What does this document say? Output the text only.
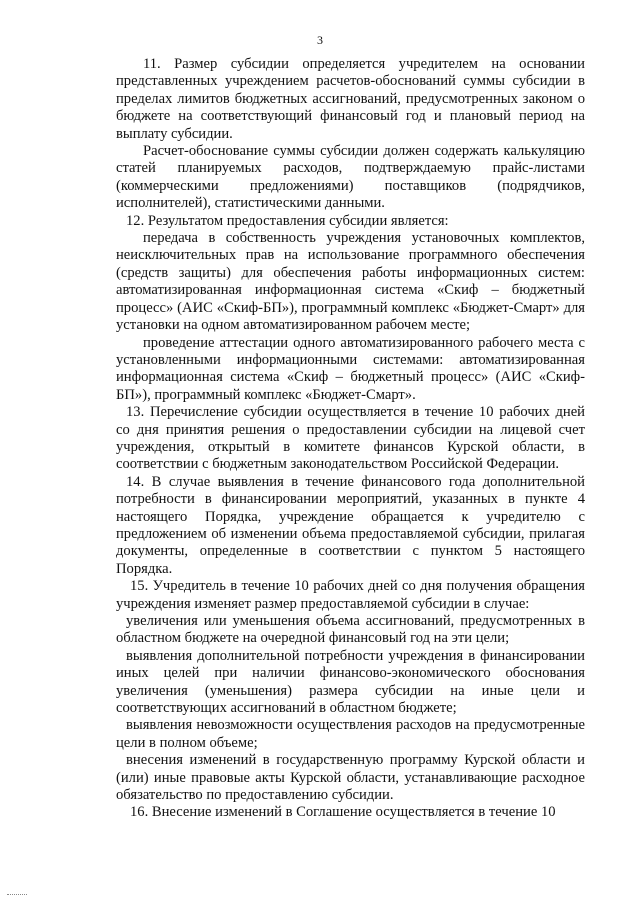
3

11. Размер субсидии определяется учредителем на основании представленных учреждением расчетов-обоснований суммы субсидии в пределах лимитов бюджетных ассигнований, предусмотренных законом о бюджете на соответствующий финансовый год и плановый период на выплату субсидии.

Расчет-обоснование суммы субсидии должен содержать калькуляцию статей планируемых расходов, подтверждаемую прайс-листами (коммерческими предложениями) поставщиков (подрядчиков, исполнителей), статистическими данными.

12. Результатом предоставления субсидии является:

передача в собственность учреждения установочных комплектов, неисключительных прав на использование программного обеспечения (средств защиты) для обеспечения работы информационных систем: автоматизированная информационная система «Скиф – бюджетный процесс» (АИС «Скиф-БП»), программный комплекс «Бюджет-Смарт» для установки на одном автоматизированном рабочем месте;

проведение аттестации одного автоматизированного рабочего места с установленными информационными системами: автоматизированная информационная система «Скиф – бюджетный процесс» (АИС «Скиф-БП»), программный комплекс «Бюджет-Смарт».

13. Перечисление субсидии осуществляется в течение 10 рабочих дней со дня принятия решения о предоставлении субсидии на лицевой счет учреждения, открытый в комитете финансов Курской области, в соответствии с бюджетным законодательством Российской Федерации.

14. В случае выявления в течение финансового года дополнительной потребности в финансировании мероприятий, указанных в пункте 4 настоящего Порядка, учреждение обращается к учредителю с предложением об изменении объема предоставляемой субсидии, прилагая документы, определенные в соответствии с пунктом 5 настоящего Порядка.

15. Учредитель в течение 10 рабочих дней со дня получения обращения учреждения изменяет размер предоставляемой субсидии в случае:

увеличения или уменьшения объема ассигнований, предусмотренных в областном бюджете на очередной финансовый год на эти цели;

выявления дополнительной потребности учреждения в финансировании иных целей при наличии финансово-экономического обоснования увеличения (уменьшения) размера субсидии на иные цели и соответствующих ассигнований в областном бюджете;

выявления невозможности осуществления расходов на предусмотренные цели в полном объеме;

внесения изменений в государственную программу Курской области и (или) иные правовые акты Курской области, устанавливающие расходное обязательство по предоставлению субсидии.

16. Внесение изменений в Соглашение осуществляется в течение 10
